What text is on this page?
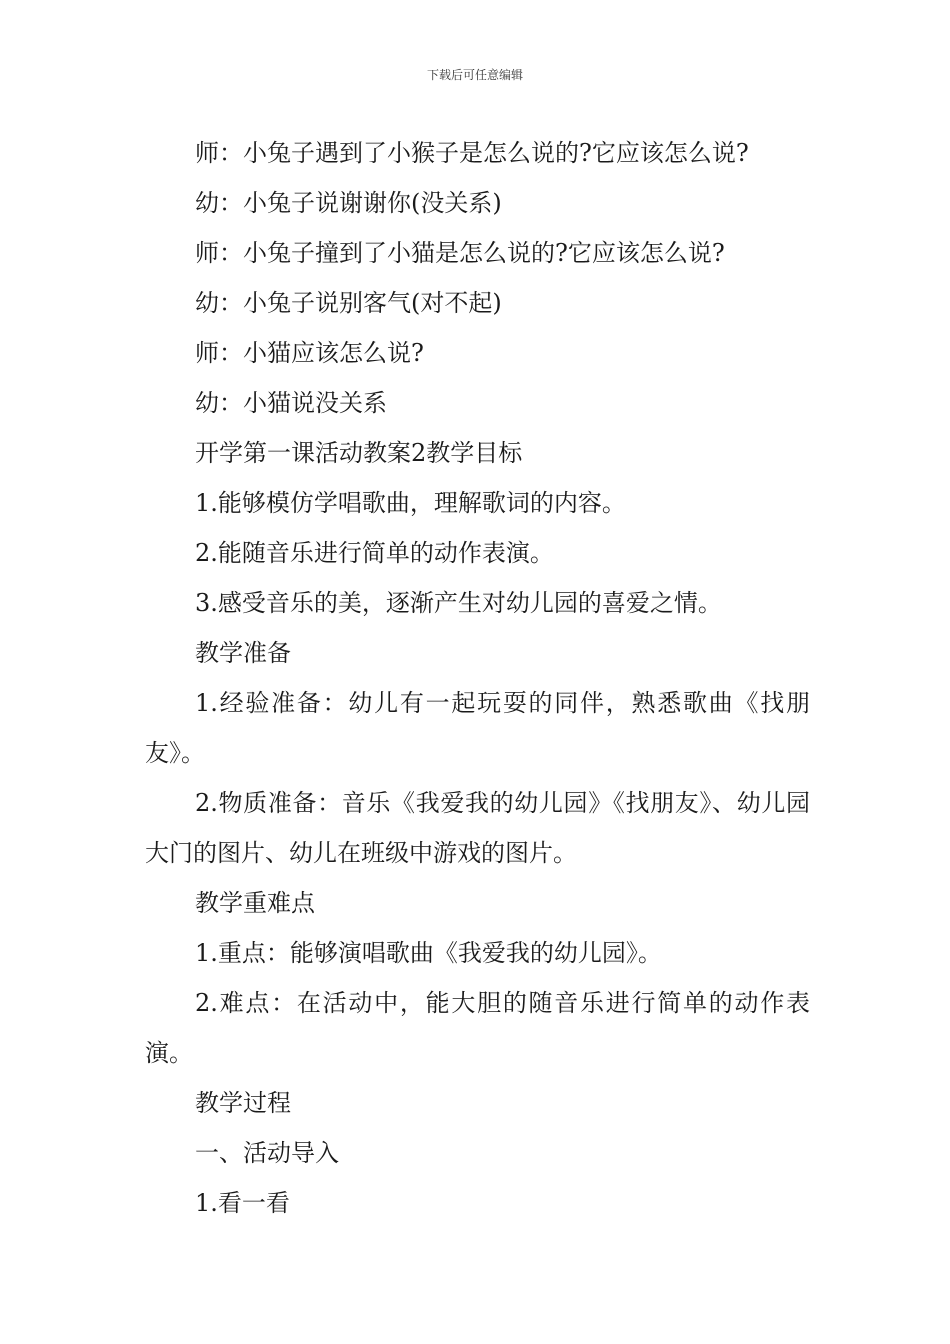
下载后可任意编辑
师：小兔子遇到了小猴子是怎么说的?它应该怎么说?
幼：小兔子说谢谢你(没关系)
师：小兔子撞到了小猫是怎么说的?它应该怎么说?
幼：小兔子说别客气(对不起)
师：小猫应该怎么说?
幼：小猫说没关系
开学第一课活动教案2教学目标
1.能够模仿学唱歌曲，理解歌词的内容。
2.能随音乐进行简单的动作表演。
3.感受音乐的美，逐渐产生对幼儿园的喜爱之情。
教学准备

1.经验准备：幼儿有一起玩耍的同伴，熟悉歌曲《找朋友》。

2.物质准备：音乐《我爱我的幼儿园》《找朋友》、幼儿园大门的图片、幼儿在班级中游戏的图片。

教学重难点
1.重点：能够演唱歌曲《我爱我的幼儿园》。

2.难点：在活动中，能大胆的随音乐进行简单的动作表演。

教学过程
一、活动导入
1.看一看
